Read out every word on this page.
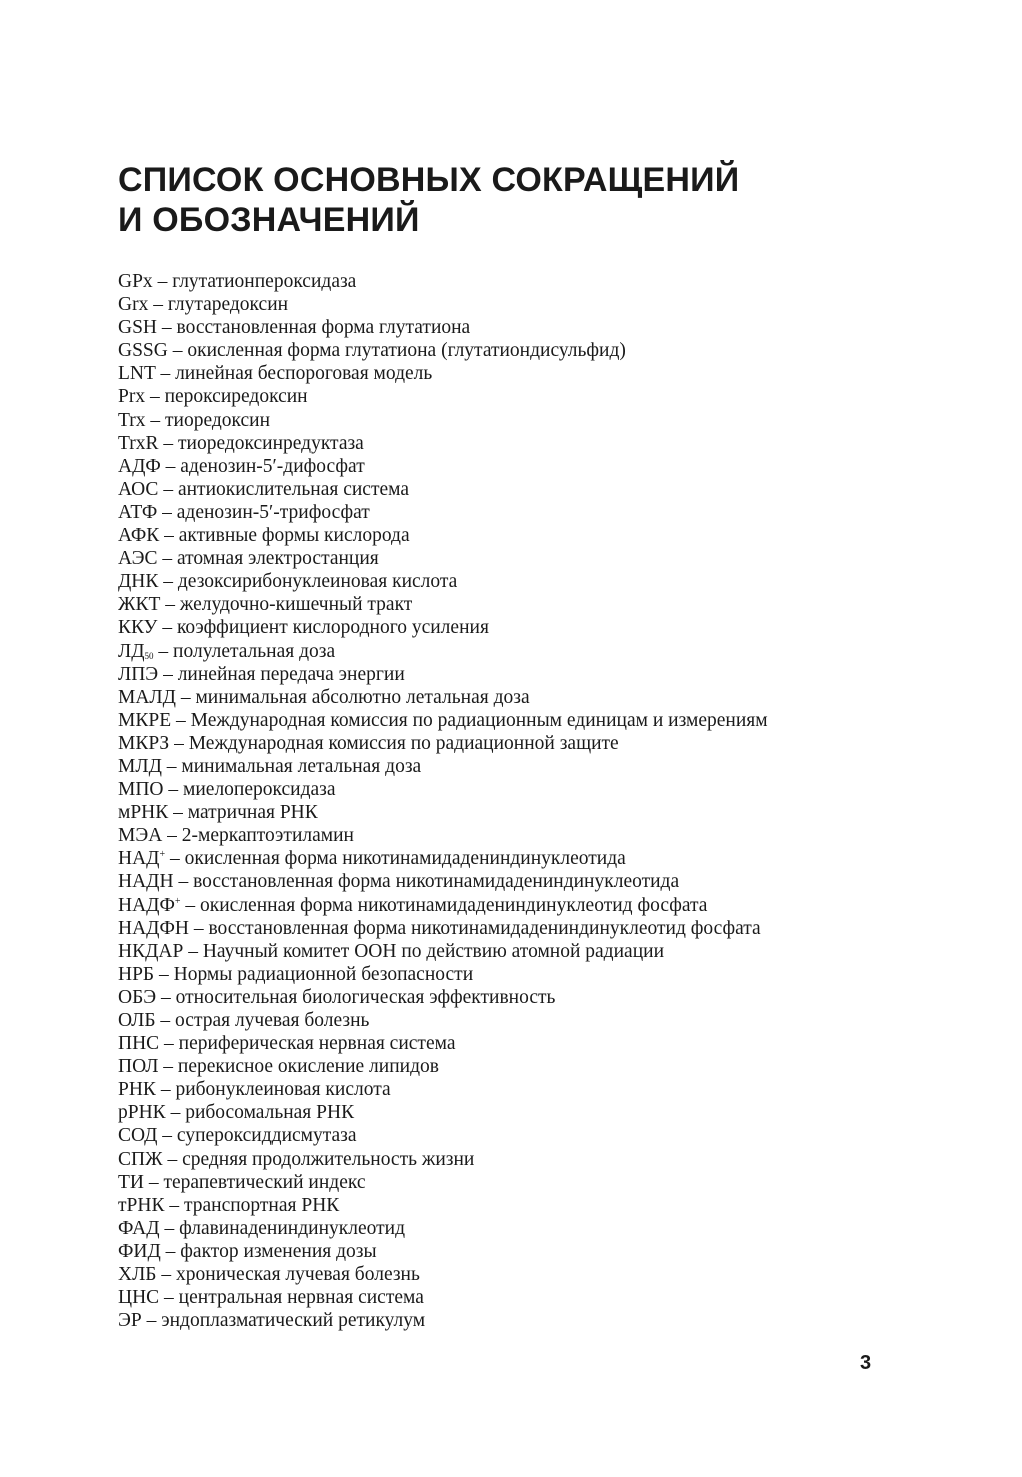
СПИСОК ОСНОВНЫХ СОКРАЩЕНИЙ
И ОБОЗНАЧЕНИЙ
GPx – глутатионпероксидаза
Grx – глутаредоксин
GSH – восстановленная форма глутатиона
GSSG – окисленная форма глутатиона (глутатиондисульфид)
LNT – линейная беспороговая модель
Prx – пероксиредоксин
Trx – тиоредоксин
TrxR – тиоредоксинредуктаза
АДФ – аденозин-5′-дифосфат
АОС – антиокислительная система
АТФ – аденозин-5′-трифосфат
АФК – активные формы кислорода
АЭС – атомная электростанция
ДНК – дезоксирибонуклеиновая кислота
ЖКТ – желудочно-кишечный тракт
ККУ – коэффициент кислородного усиления
$ЛД_{50}$ – полулетальная доза
ЛПЭ – линейная передача энергии
МАЛД – минимальная абсолютно летальная доза
МКРЕ – Международная комиссия по радиационным единицам и измерениям
МКРЗ – Международная комиссия по радиационной защите
МЛД – минимальная летальная доза
МПО – миелопероксидаза
мРНК – матричная РНК
МЭА – 2-меркаптоэтиламин
НАД+ – окисленная форма никотинамидадениндинуклеотида
НАДН – восстановленная форма никотинамидадениндинуклеотида
НАДФ+ – окисленная форма никотинамидадениндинуклеотид фосфата
НАДФН – восстановленная форма никотинамидадениндинуклеотид фосфата
НКДАР – Научный комитет ООН по действию атомной радиации
НРБ – Нормы радиационной безопасности
ОБЭ – относительная биологическая эффективность
ОЛБ – острая лучевая болезнь
ПНС – периферическая нервная система
ПОЛ – перекисное окисление липидов
РНК – рибонуклеиновая кислота
рРНК – рибосомальная РНК
СОД – супероксиддисмутаза
СПЖ – средняя продолжительность жизни
ТИ – терапевтический индекс
тРНК – транспортная РНК
ФАД – флавинадениндинуклеотид
ФИД – фактор изменения дозы
ХЛБ – хроническая лучевая болезнь
ЦНС – центральная нервная система
ЭР – эндоплазматический ретикулум
3
